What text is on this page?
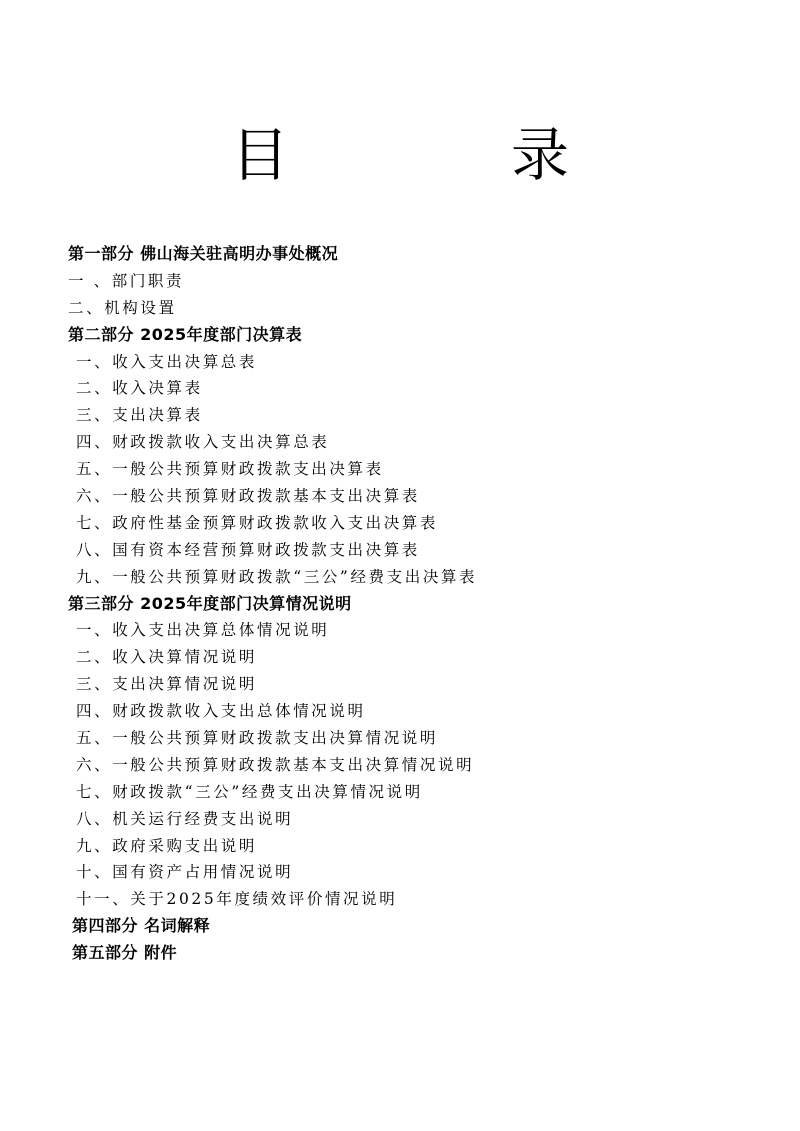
目　录
第一部分 佛山海关驻高明办事处概况
一 、部门职责
二、机构设置
第二部分 2025年度部门决算表
一、收入支出决算总表
二、收入决算表
三、支出决算表
四、财政拨款收入支出决算总表
五、一般公共预算财政拨款支出决算表
六、一般公共预算财政拨款基本支出决算表
七、政府性基金预算财政拨款收入支出决算表
八、国有资本经营预算财政拨款支出决算表
九、一般公共预算财政拨款“三公”经费支出决算表
第三部分 2025年度部门决算情况说明
一、收入支出决算总体情况说明
二、收入决算情况说明
三、支出决算情况说明
四、财政拨款收入支出总体情况说明
五、一般公共预算财政拨款支出决算情况说明
六、一般公共预算财政拨款基本支出决算情况说明
七、财政拨款“三公”经费支出决算情况说明
八、机关运行经费支出说明
九、政府采购支出说明
十、国有资产占用情况说明
十一、关于2025年度绩效评价情况说明
第四部分 名词解释
第五部分 附件
